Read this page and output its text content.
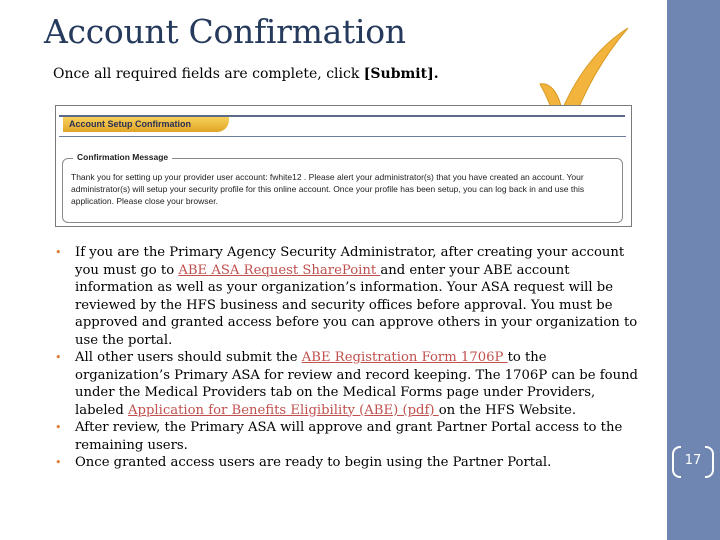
Account Confirmation
Once all required fields are complete, click [Submit].
Account Setup Confirmation
Confirmation Message
Thank you for setting up your provider user account: fwhite12 . Please alert your administrator(s) that you have created an account. Your administrator(s) will setup your security profile for this online account. Once your profile has been setup, you can log back in and use this application. Please close your browser.
• If you are the Primary Agency Security Administrator, after creating your account you must go to ABE ASA Request SharePoint and enter your ABE account information as well as your organization’s information. Your ASA request will be reviewed by the HFS business and security offices before approval. You must be approved and granted access before you can approve others in your organization to use the portal.
• All other users should submit the ABE Registration Form 1706P to the organization’s Primary ASA for review and record keeping. The 1706P can be found under the Medical Providers tab on the Medical Forms page under Providers, labeled Application for Benefits Eligibility (ABE) (pdf) on the HFS Website.
• After review, the Primary ASA will approve and grant Partner Portal access to the remaining users.
• Once granted access users are ready to begin using the Partner Portal.	17
